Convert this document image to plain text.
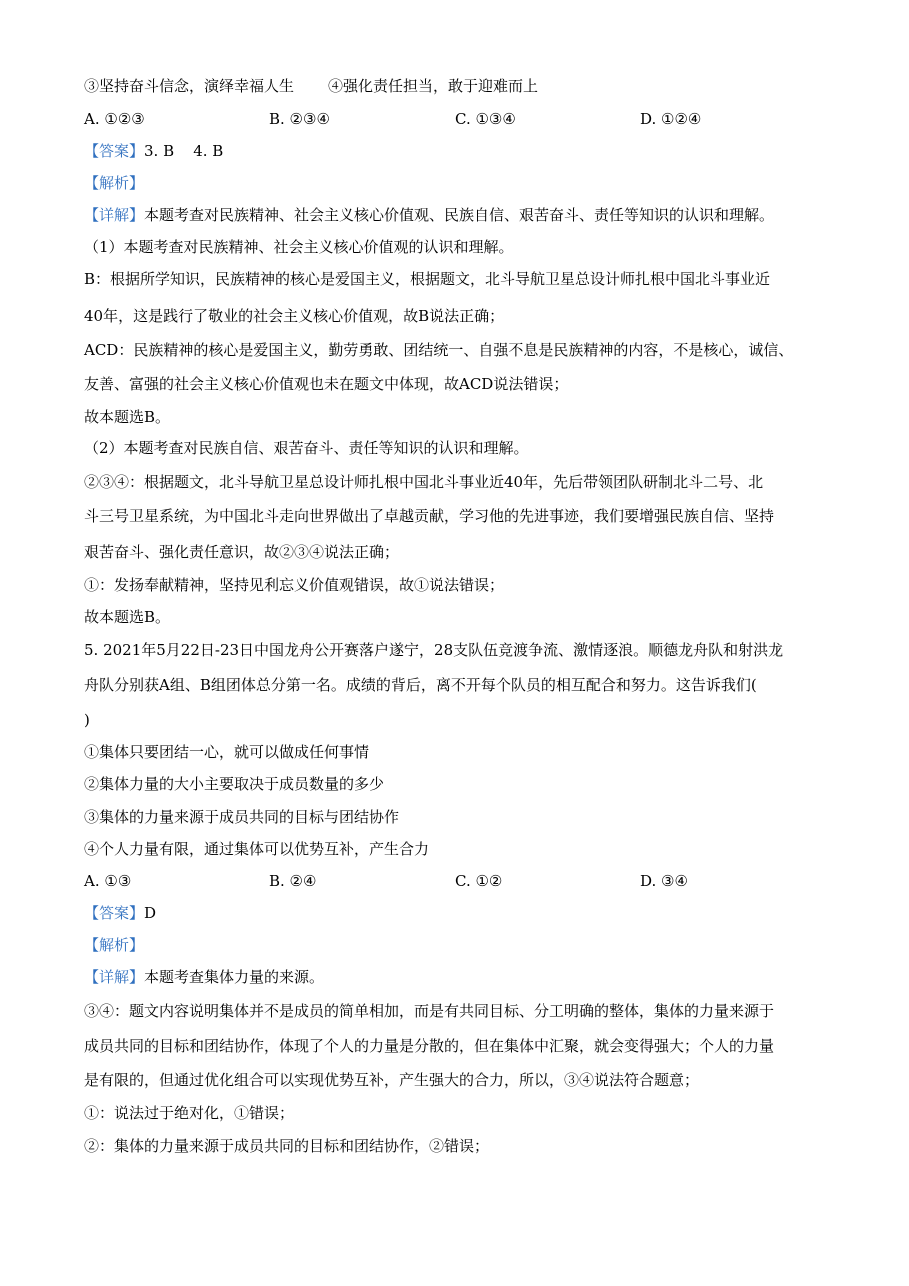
③坚持奋斗信念，演绎幸福人生 ④强化责任担当，敢于迎难而上
A. ①②③	B. ②③④	C. ①③④	D. ①②④
【答案】3. B    4. B
【解析】
【详解】本题考查对民族精神、社会主义核心价值观、民族自信、艰苦奋斗、责任等知识的认识和理解。
（1）本题考查对民族精神、社会主义核心价值观的认识和理解。
B：根据所学知识，民族精神的核心是爱国主义，根据题文，北斗导航卫星总设计师扎根中国北斗事业近
40年，这是践行了敬业的社会主义核心价值观，故B说法正确；
ACD：民族精神的核心是爱国主义，勤劳勇敢、团结统一、自强不息是民族精神的内容，不是核心，诚信、
友善、富强的社会主义核心价值观也未在题文中体现，故ACD说法错误；
故本题选B。
（2）本题考查对民族自信、艰苦奋斗、责任等知识的认识和理解。
②③④：根据题文，北斗导航卫星总设计师扎根中国北斗事业近40年，先后带领团队研制北斗二号、北
斗三号卫星系统，为中国北斗走向世界做出了卓越贡献，学习他的先进事迹，我们要增强民族自信、坚持
艰苦奋斗、强化责任意识，故②③④说法正确；
①：发扬奉献精神，坚持见利忘义价值观错误，故①说法错误；
故本题选B。
5. 2021年5月22日-23日中国龙舟公开赛落户遂宁，28支队伍竞渡争流、激情逐浪。顺德龙舟队和射洪龙
舟队分别获A组、B组团体总分第一名。成绩的背后，离不开每个队员的相互配合和努力。这告诉我们(
)
①集体只要团结一心，就可以做成任何事情
②集体力量的大小主要取决于成员数量的多少
③集体的力量来源于成员共同的目标与团结协作
④个人力量有限，通过集体可以优势互补，产生合力
A. ①③	B. ②④	C. ①②	D. ③④
【答案】D
【解析】
【详解】本题考查集体力量的来源。
③④：题文内容说明集体并不是成员的简单相加，而是有共同目标、分工明确的整体，集体的力量来源于
成员共同的目标和团结协作，体现了个人的力量是分散的，但在集体中汇聚，就会变得强大；个人的力量
是有限的，但通过优化组合可以实现优势互补，产生强大的合力，所以，③④说法符合题意；
①：说法过于绝对化，①错误；
②：集体的力量来源于成员共同的目标和团结协作，②错误；
